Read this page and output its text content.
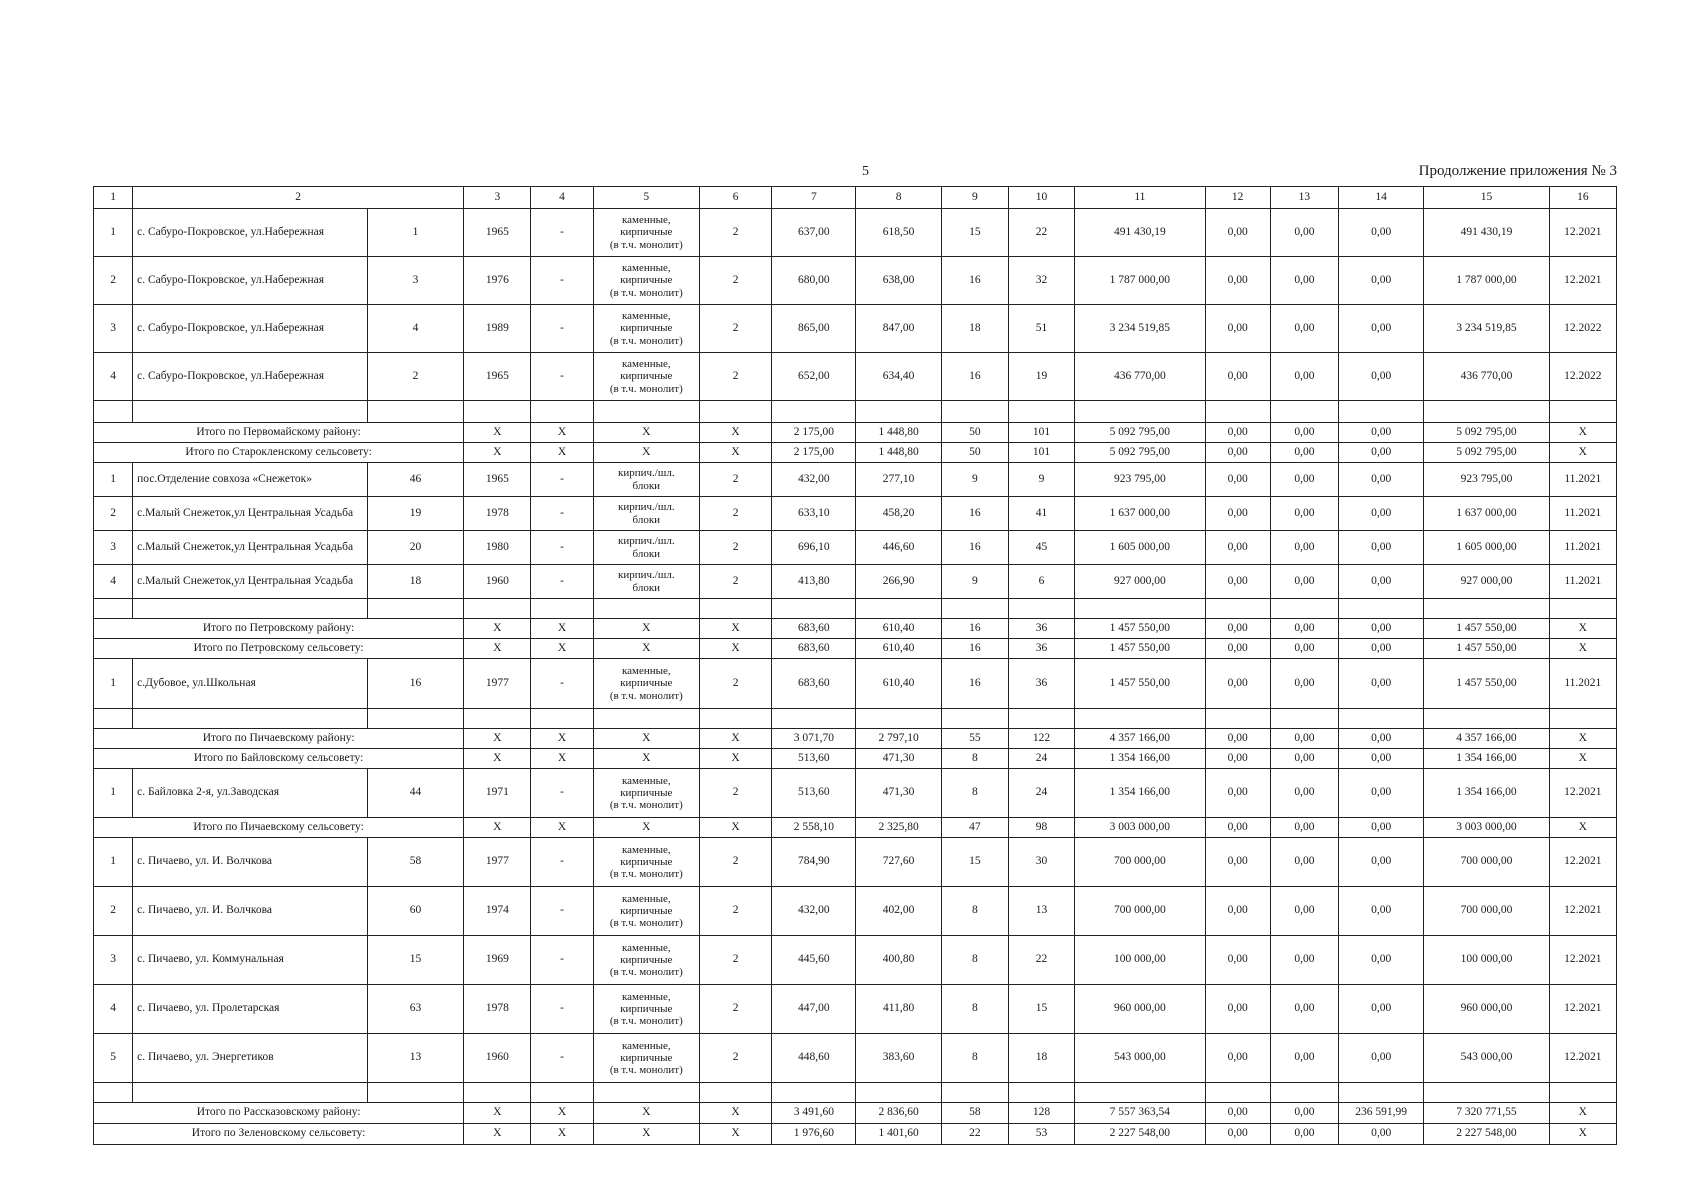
5	Продолжение приложения № 3
1	2		3	4	5	6	7	8	9	10	11	12	13	14	15	16
1	с. Сабуро-Покровское, ул.Набережная	1	1965	-	каменные,
кирпичные
(в т.ч. монолит)	2	637,00	618,50	15	22	491 430,19	0,00	0,00	0,00	491 430,19	12.2021
2	с. Сабуро-Покровское, ул.Набережная	3	1976	-	каменные,
кирпичные
(в т.ч. монолит)	2	680,00	638,00	16	32	1 787 000,00	0,00	0,00	0,00	1 787 000,00	12.2021
3	с. Сабуро-Покровское, ул.Набережная	4	1989	-	каменные,
кирпичные
(в т.ч. монолит)	2	865,00	847,00	18	51	3 234 519,85	0,00	0,00	0,00	3 234 519,85	12.2022
4	с. Сабуро-Покровское, ул.Набережная	2	1965	-	каменные,
кирпичные
(в т.ч. монолит)	2	652,00	634,40	16	19	436 770,00	0,00	0,00	0,00	436 770,00	12.2022

Итого по Первомайскому району:			X	X	X	X	2 175,00	1 448,80	50	101	5 092 795,00	0,00	0,00	0,00	5 092 795,00	X
Итого по Старокленскому сельсовету:			X	X	X	X	2 175,00	1 448,80	50	101	5 092 795,00	0,00	0,00	0,00	5 092 795,00	X
1	пос.Отделение совхоза «Снежеток»	46	1965	-	кирпич./шл.
блоки	2	432,00	277,10	9	9	923 795,00	0,00	0,00	0,00	923 795,00	11.2021
2	с.Малый Снежеток,ул Центральная Усадьба	19	1978	-	кирпич./шл.
блоки	2	633,10	458,20	16	41	1 637 000,00	0,00	0,00	0,00	1 637 000,00	11.2021
3	с.Малый Снежеток,ул Центральная Усадьба	20	1980	-	кирпич./шл.
блоки	2	696,10	446,60	16	45	1 605 000,00	0,00	0,00	0,00	1 605 000,00	11.2021
4	с.Малый Снежеток,ул Центральная Усадьба	18	1960	-	кирпич./шл.
блоки	2	413,80	266,90	9	6	927 000,00	0,00	0,00	0,00	927 000,00	11.2021

Итого по Петровскому району:			X	X	X	X	683,60	610,40	16	36	1 457 550,00	0,00	0,00	0,00	1 457 550,00	X
Итого по Петровскому сельсовету:			X	X	X	X	683,60	610,40	16	36	1 457 550,00	0,00	0,00	0,00	1 457 550,00	X
1	с.Дубовое, ул.Школьная	16	1977	-	каменные,
кирпичные
(в т.ч. монолит)	2	683,60	610,40	16	36	1 457 550,00	0,00	0,00	0,00	1 457 550,00	11.2021

Итого по Пичаевскому району:			X	X	X	X	3 071,70	2 797,10	55	122	4 357 166,00	0,00	0,00	0,00	4 357 166,00	X
Итого по Байловскому сельсовету:			X	X	X	X	513,60	471,30	8	24	1 354 166,00	0,00	0,00	0,00	1 354 166,00	X
1	с. Байловка 2-я, ул.Заводская	44	1971	-	каменные,
кирпичные
(в т.ч. монолит)	2	513,60	471,30	8	24	1 354 166,00	0,00	0,00	0,00	1 354 166,00	12.2021
Итого по Пичаевскому сельсовету:			X	X	X	X	2 558,10	2 325,80	47	98	3 003 000,00	0,00	0,00	0,00	3 003 000,00	X
1	с. Пичаево, ул. И. Волчкова	58	1977	-	каменные,
кирпичные
(в т.ч. монолит)	2	784,90	727,60	15	30	700 000,00	0,00	0,00	0,00	700 000,00	12.2021
2	с. Пичаево, ул. И. Волчкова	60	1974	-	каменные,
кирпичные
(в т.ч. монолит)	2	432,00	402,00	8	13	700 000,00	0,00	0,00	0,00	700 000,00	12.2021
3	с. Пичаево, ул. Коммунальная	15	1969	-	каменные,
кирпичные
(в т.ч. монолит)	2	445,60	400,80	8	22	100 000,00	0,00	0,00	0,00	100 000,00	12.2021
4	с. Пичаево, ул. Пролетарская	63	1978	-	каменные,
кирпичные
(в т.ч. монолит)	2	447,00	411,80	8	15	960 000,00	0,00	0,00	0,00	960 000,00	12.2021
5	с. Пичаево, ул. Энергетиков	13	1960	-	каменные,
кирпичные
(в т.ч. монолит)	2	448,60	383,60	8	18	543 000,00	0,00	0,00	0,00	543 000,00	12.2021

Итого по Рассказовскому району:			X	X	X	X	3 491,60	2 836,60	58	128	7 557 363,54	0,00	0,00	236 591,99	7 320 771,55	X
Итого по Зеленовскому сельсовету:			X	X	X	X	1 976,60	1 401,60	22	53	2 227 548,00	0,00	0,00	0,00	2 227 548,00	X
